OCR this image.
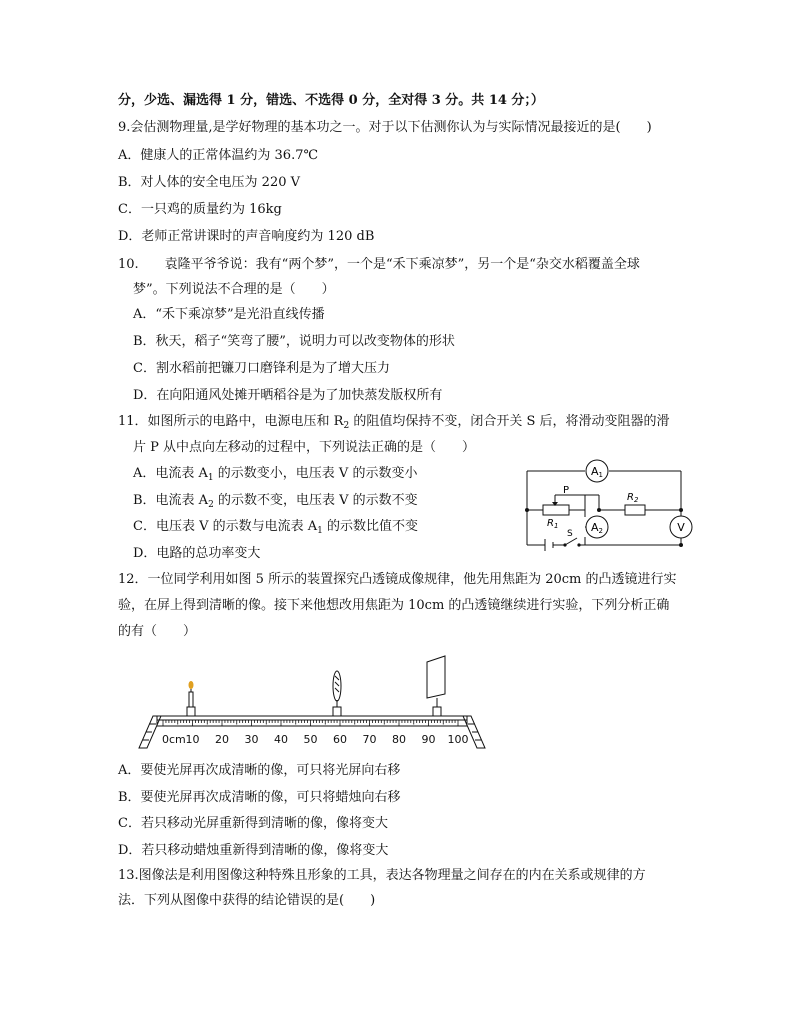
分，少选、漏选得 1 分，错选、不选得 0 分，全对得 3 分。共 14 分；）
9.会估测物理量,是学好物理的基本功之一。对于以下估测你认为与实际情况最接近的是(　　)
A．健康人的正常体温约为 36.7℃
B．对人体的安全电压为 220 V
C．一只鸡的质量约为 16kg
D．老师正常讲课时的声音响度约为 120 dB
10.　　袁隆平爷爷说：我有“两个梦”，一个是“禾下乘凉梦”，另一个是“杂交水稻覆盖全球
梦”。下列说法不合理的是（　　）
A．“禾下乘凉梦”是光沿直线传播
B．秋天，稻子“笑弯了腰”，说明力可以改变物体的形状
C．割水稻前把镰刀口磨锋利是为了增大压力
D．在向阳通风处摊开晒稻谷是为了加快蒸发版权所有
11．如图所示的电路中，电源电压和 $R_2$ 的阻值均保持不变，闭合开关 S 后，将滑动变阻器的滑
片 P 从中点向左移动的过程中，下列说法正确的是（　　）
A．电流表 $A_1$ 的示数变小，电压表 V 的示数变小
B．电流表 $A_2$ 的示数不变，电压表 V 的示数不变
C．电压表 V 的示数与电流表 $A_1$ 的示数比值不变
D．电路的总功率变大
A1
A2	V
P
$R_1$
$R_2$
S
12．一位同学利用如图 5 所示的装置探究凸透镜成像规律，他先用焦距为 20cm 的凸透镜进行实
验，在屏上得到清晰的像。接下来他想改用焦距为 10cm 的凸透镜继续进行实验，下列分析正确
的有（　　）
0cm 10 20 30 40 50 60 70 80 90 100
A．要使光屏再次成清晰的像，可只将光屏向右移
B．要使光屏再次成清晰的像，可只将蜡烛向右移
C．若只移动光屏重新得到清晰的像，像将变大
D．若只移动蜡烛重新得到清晰的像，像将变大
13.图像法是利用图像这种特殊且形象的工具，表达各物理量之间存在的内在关系或规律的方
法．下列从图像中获得的结论错误的是(　　)
